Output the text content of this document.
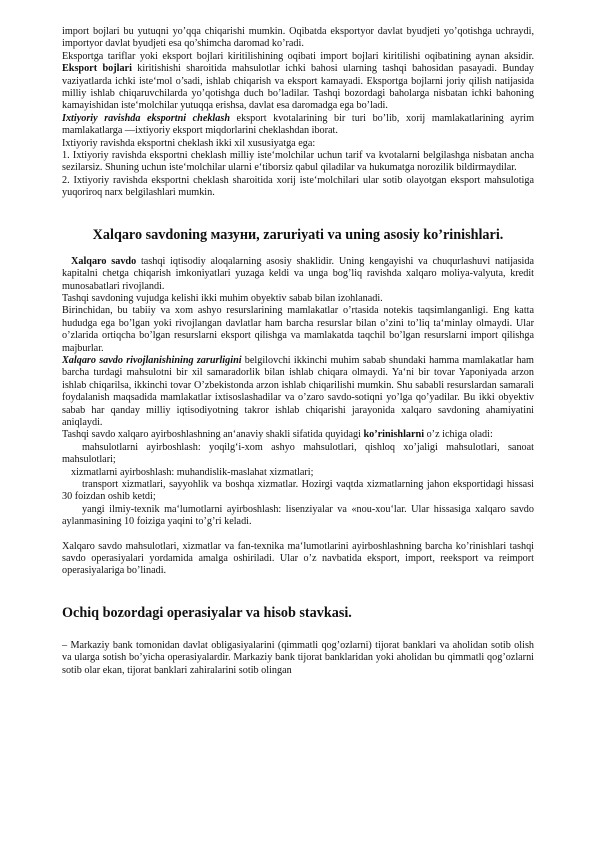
import bojlari bu yutuqni yo’qqa chiqarishi mumkin. Oqibatda eksportyor davlat byudjeti yo’qotishga uchraydi, importyor davlat byudjeti esa qo’shimcha daromad ko’radi.

Eksportga tariflar yoki eksport bojlari kiritilishining oqibati import bojlari kiritilishi oqibatining aynan aksidir. Eksport bojlari kiritishishi sharoitida mahsulotlar ichki bahosi ularning tashqi bahosidan pasayadi. Bunday vaziyatlarda ichki iste‘mol o’sadi, ishlab chiqarish va eksport kamayadi. Eksportga bojlarni joriy qilish natijasida milliy ishlab chiqaruvchilarda yo’qotishga duch bo’ladilar. Tashqi bozordagi baholarga nisbatan ichki bahoning kamayishidan iste‘molchilar yutuqqa erishsa, davlat esa daromadga ega bo’ladi.

Ixtiyoriy ravishda eksportni cheklash eksport kvotalarining bir turi bo’lib, xorij mamlakatlarining ayrim mamlakatlarga —ixtiyoriy eksport miqdorlarini cheklashdan iborat.

Ixtiyoriy ravishda eksportni cheklash ikki xil xususiyatga ega:

1. Ixtiyoriy ravishda eksportni cheklash milliy iste‘molchilar uchun tarif va kvotalarni belgilashga nisbatan ancha sezilarsiz. Shuning uchun iste‘molchilar ularni e‘tiborsiz qabul qiladilar va hukumatga norozilik bildirmaydilar.

2. Ixtiyoriy ravishda eksportni cheklash sharoitida xorij iste‘molchilari ular sotib olayotgan eksport mahsulotiga yuqoriroq narx belgilashlari mumkin.

Xalqaro savdoning мазуни, zaruriyati va uning asosiy ko’rinishlari.

Xalqaro savdo tashqi iqtisodiy aloqalarning asosiy shaklidir. Uning kengayishi va chuqurlashuvi natijasida kapitalni chetga chiqarish imkoniyatlari yuzaga keldi va unga bog’liq ravishda xalqaro moliya-valyuta, kredit munosabatlari rivojlandi.

Tashqi savdoning vujudga kelishi ikki muhim obyektiv sabab bilan izohlanadi.

Birinchidan, bu tabiiy va xom ashyo resurslarining mamlakatlar o’rtasida notekis taqsimlanganligi. Eng katta hududga ega bo’lgan yoki rivojlangan davlatlar ham barcha resurslar bilan o’zini to’liq ta‘minlay olmaydi. Ular o’zlarida ortiqcha bo’lgan resurslarni eksport qilishga va mamlakatda taqchil bo’lgan resurslarni import qilishga majburlar.

Xalqaro savdo rivojlanishining zarurligini belgilovchi ikkinchi muhim sabab shundaki hamma mamlakatlar ham barcha turdagi mahsulotni bir xil samaradorlik bilan ishlab chiqara olmaydi. Ya‘ni bir tovar Yaponiyada arzon ishlab chiqarilsa, ikkinchi tovar O’zbekistonda arzon ishlab chiqarilishi mumkin. Shu sababli resurslardan samarali foydalanish maqsadida mamlakatlar ixtisoslashadilar va o’zaro savdo-sotiqni yo’lga qo’yadilar. Bu ikki obyektiv sabab har qanday milliy iqtisodiyotning takror ishlab chiqarishi jarayonida xalqaro savdoning ahamiyatini aniqlaydi.

Tashqi savdo xalqaro ayirboshlashning an‘anaviy shakli sifatida quyidagi ko’rinishlarni o’z ichiga oladi:

mahsulotlarni ayirboshlash: yoqilg‘i-xom ashyo mahsulotlari, qishloq xo’jaligi mahsulotlari, sanoat mahsulotlari;

xizmatlarni ayirboshlash: muhandislik-maslahat xizmatlari;

transport xizmatlari, sayyohlik va boshqa xizmatlar. Hozirgi vaqtda xizmatlarning jahon eksportidagi hissasi 30 foizdan oshib ketdi;

yangi ilmiy-texnik ma‘lumotlarni ayirboshlash: lisenziyalar va «nou-xou‘lar. Ular hissasiga xalqaro savdo aylanmasining 10 foiziga yaqini to’g’ri keladi.

Xalqaro savdo mahsulotlari, xizmatlar va fan-texnika ma‘lumotlarini ayirboshlashning barcha ko’rinishlari tashqi savdo operasiyalari yordamida amalga oshiriladi. Ular o’z navbatida eksport, import, reeksport va reimport operasiyalariga bo’linadi.

Ochiq bozordagi operasiyalar va hisob stavkasi.

– Markaziy bank tomonidan davlat obligasiyalarini (qimmatli qog’ozlarni) tijorat banklari va aholidan sotib olish va ularga sotish bo’yicha operasiyalardir. Markaziy bank tijorat banklaridan yoki aholidan bu qimmatli qog’ozlarni sotib olar ekan, tijorat banklari zahiralarini sotib olingan
